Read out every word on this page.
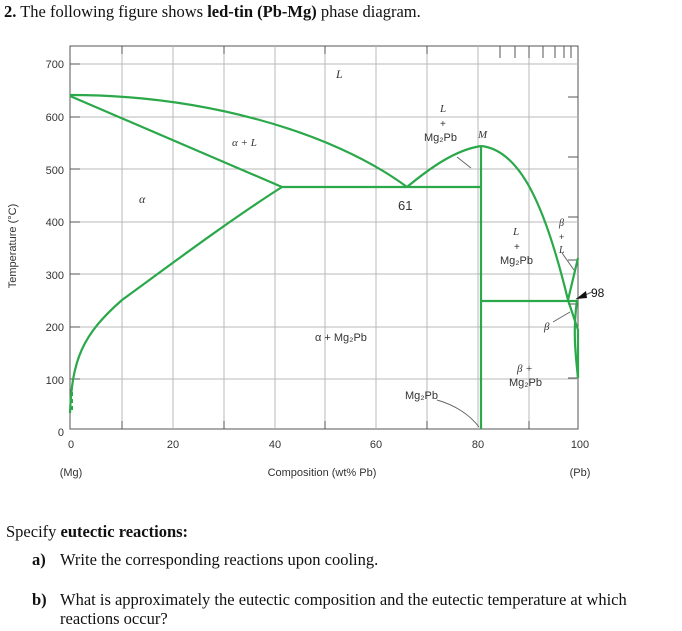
2. The following figure shows led-tin (Pb-Mg) phase diagram.
0
100
200
300
400
500
600
700
Temperature (°C)
0	20	40	60	80	100
Composition (wt% Pb)
(Mg)	(Pb)
L
α
α + L
α + Mg₂Pb
L
+
Mg₂Pb M
61
L
+
Mg₂Pb
β
+
L
β
β +
Mg₂Pb
Mg₂Pb
98
Specify eutectic reactions:
a) Write the corresponding reactions upon cooling.
b) What is approximately the eutectic composition and the eutectic temperature at which reactions occur?
